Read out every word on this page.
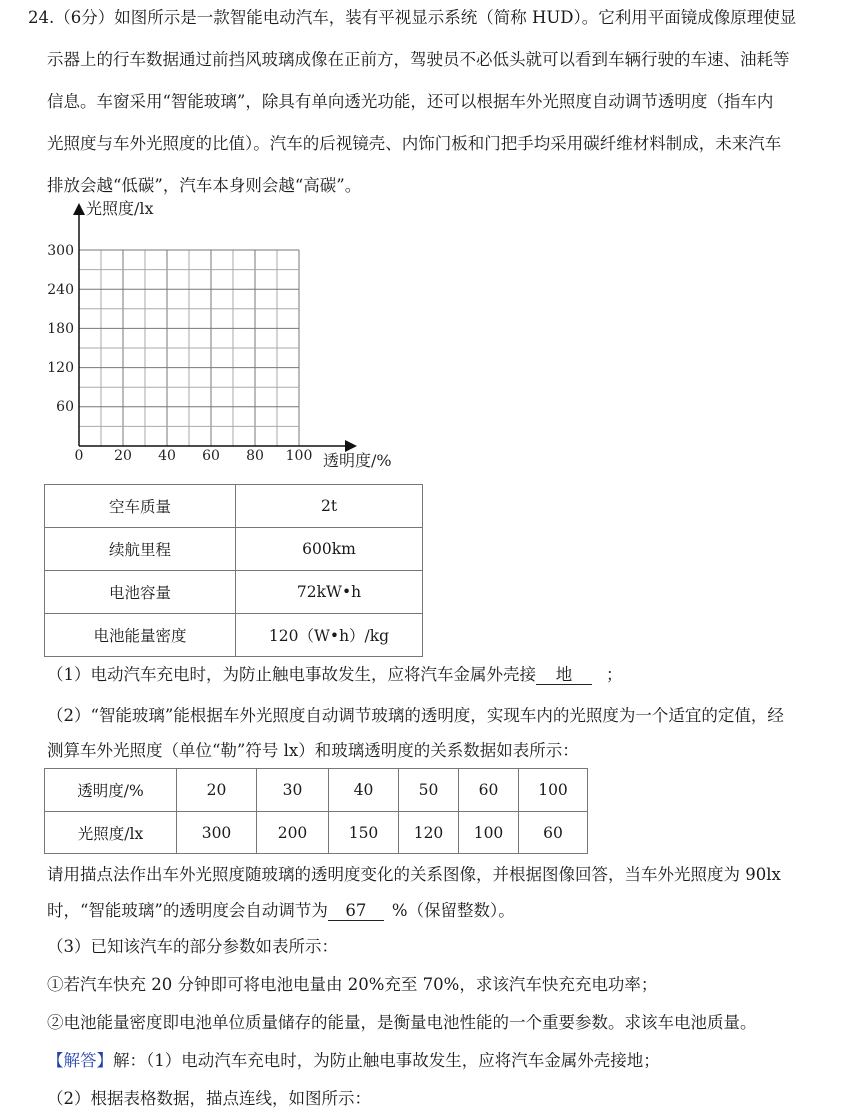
24.（6分）如图所示是一款智能电动汽车，装有平视显示系统（简称 HUD）。它利用平面镜成像原理使显
示器上的行车数据通过前挡风玻璃成像在正前方，驾驶员不必低头就可以看到车辆行驶的车速、油耗等
信息。车窗采用“智能玻璃”，除具有单向透光功能，还可以根据车外光照度自动调节透明度（指车内
光照度与车外光照度的比值）。汽车的后视镜壳、内饰门板和门把手均采用碳纤维材料制成，未来汽车
排放会越“低碳”，汽车本身则会越“高碳”。
光照度/lx
透明度/%
300
240
180
120
60
0 20 40 60 80 100
空车质量	2t
续航里程	600km
电池容量	72kW•h
电池能量密度	120（W•h）/kg
（1）电动汽车充电时，为防止触电事故发生，应将汽车金属外壳接 地 ；
（2）“智能玻璃”能根据车外光照度自动调节玻璃的透明度，实现车内的光照度为一个适宜的定值，经
测算车外光照度（单位“勒”符号 lx）和玻璃透明度的关系数据如表所示：
透明度/%	20	30	40	50	60	100
光照度/lx	300	200	150	120	100	60
请用描点法作出车外光照度随玻璃的透明度变化的关系图像，并根据图像回答，当车外光照度为 90lx
时，“智能玻璃”的透明度会自动调节为 67 %（保留整数）。
（3）已知该汽车的部分参数如表所示：
①若汽车快充 20 分钟即可将电池电量由 20%充至 70%，求该汽车快充充电功率；
②电池能量密度即电池单位质量储存的能量，是衡量电池性能的一个重要参数。求该车电池质量。
【解答】解：（1）电动汽车充电时，为防止触电事故发生，应将汽车金属外壳接地；
（2）根据表格数据，描点连线，如图所示：
